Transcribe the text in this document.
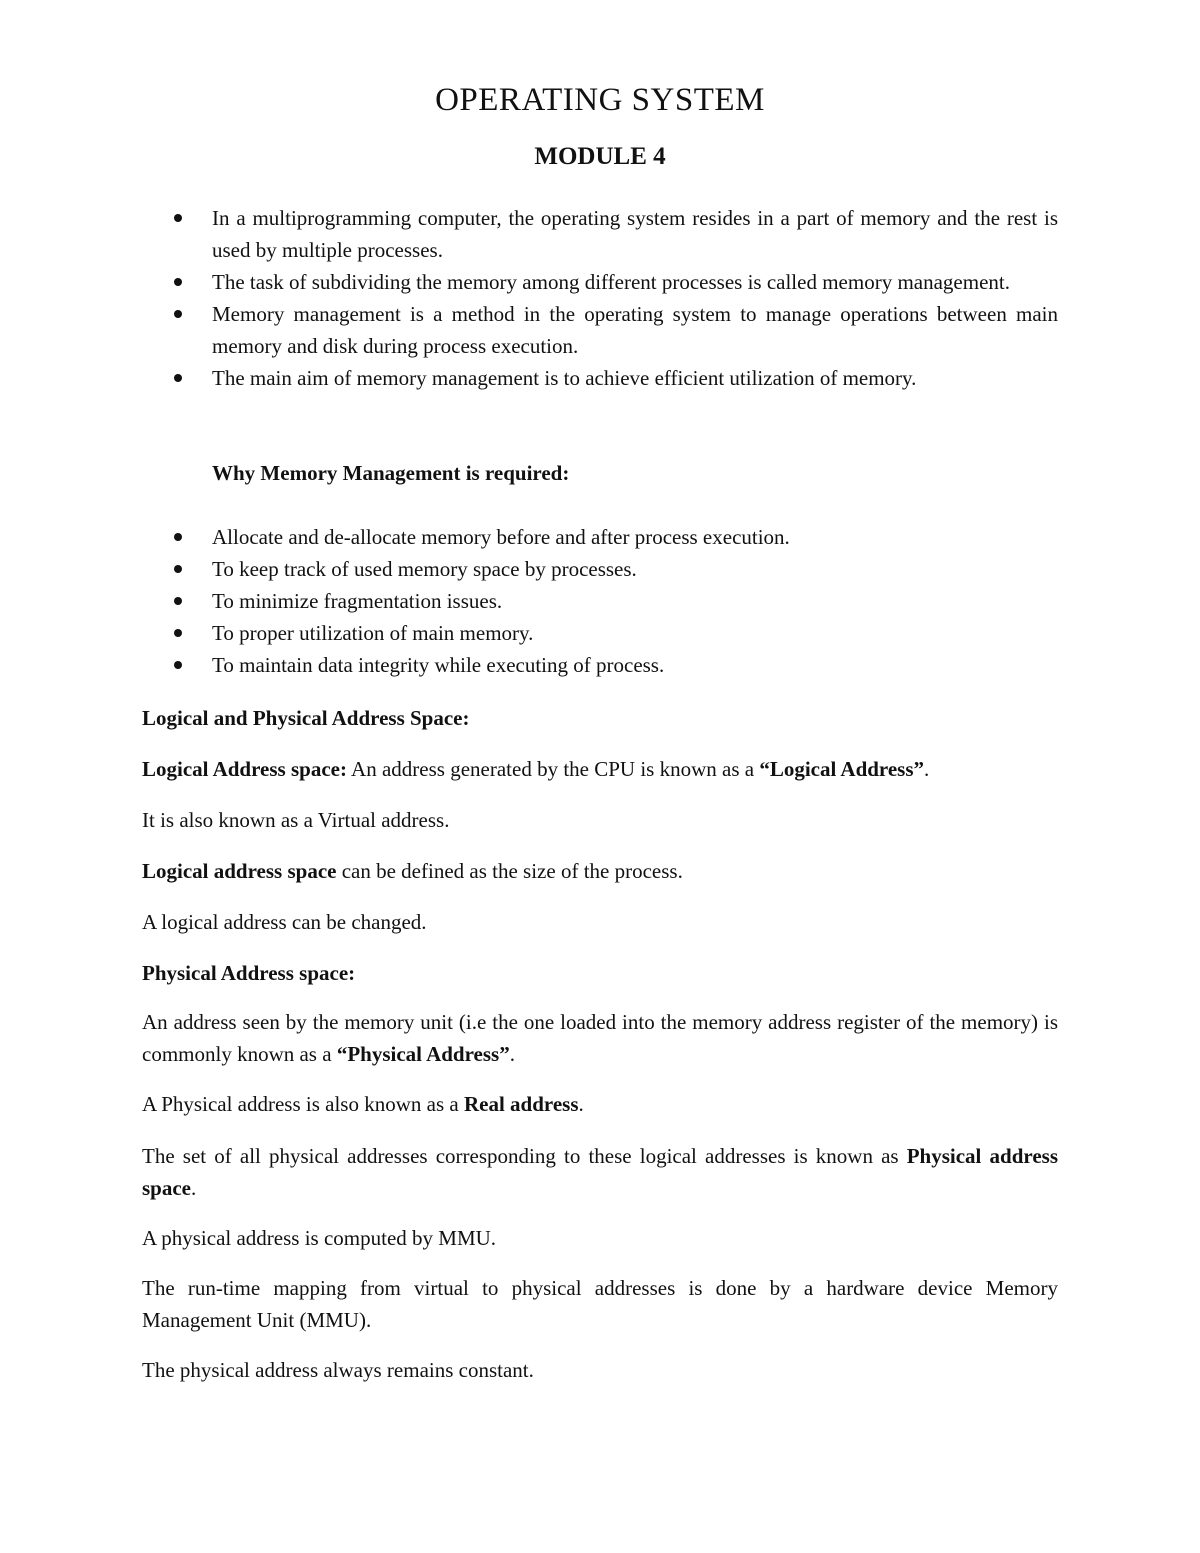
OPERATING SYSTEM
MODULE 4
In a multiprogramming computer, the operating system resides in a part of memory and the rest is used by multiple processes.
The task of subdividing the memory among different processes is called memory management.
Memory management is a method in the operating system to manage operations between main memory and disk during process execution.
The main aim of memory management is to achieve efficient utilization of memory.
Why Memory Management is required:
Allocate and de-allocate memory before and after process execution.
To keep track of used memory space by processes.
To minimize fragmentation issues.
To proper utilization of main memory.
To maintain data integrity while executing of process.
Logical and Physical Address Space:
Logical Address space: An address generated by the CPU is known as a “Logical Address”.
It is also known as a Virtual address.
Logical address space can be defined as the size of the process.
A logical address can be changed.
Physical Address space:
An address seen by the memory unit (i.e the one loaded into the memory address register of the memory) is commonly known as a “Physical Address”.
A Physical address is also known as a Real address.
The set of all physical addresses corresponding to these logical addresses is known as Physical address space.
A physical address is computed by MMU.
The run-time mapping from virtual to physical addresses is done by a hardware device Memory Management Unit (MMU).
The physical address always remains constant.
